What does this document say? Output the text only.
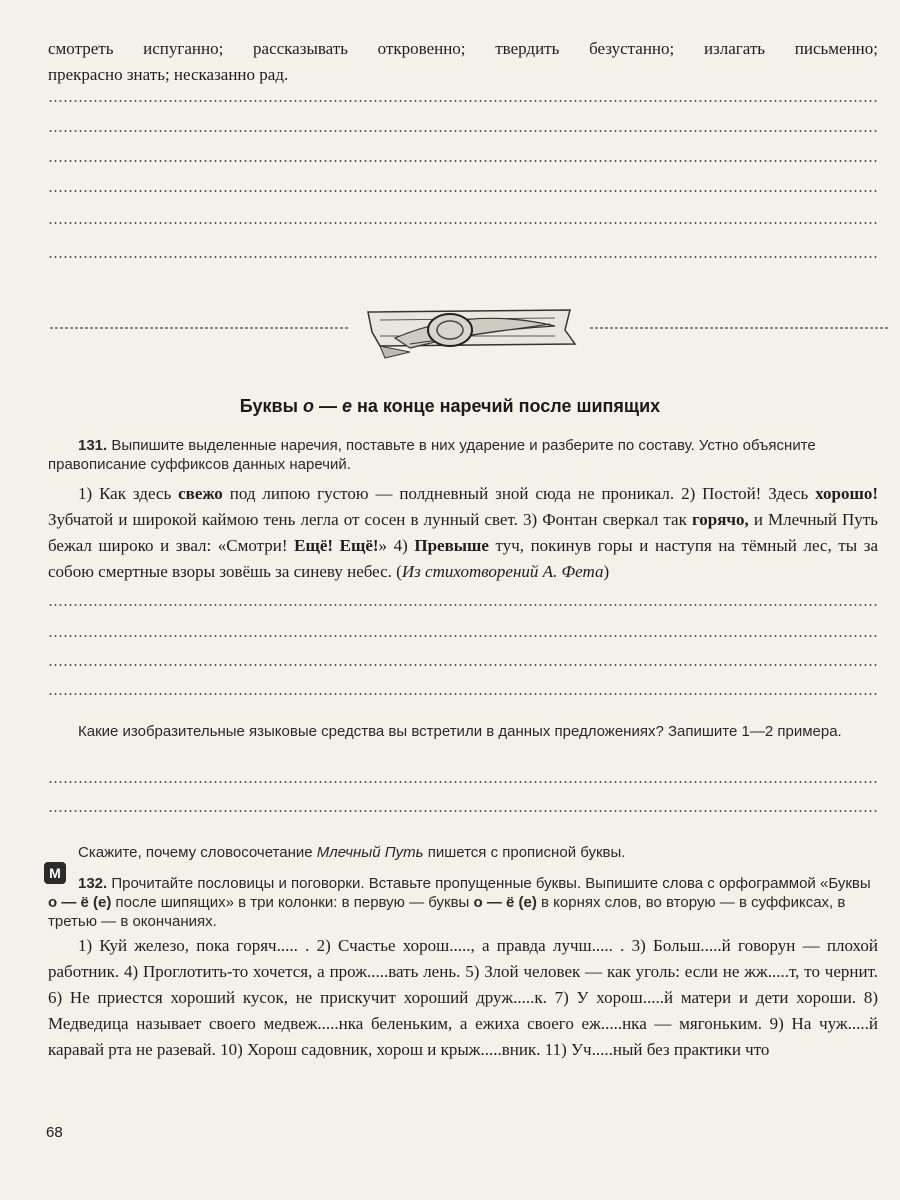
смотреть испуганно; рассказывать откровенно; твердить безустанно; излагать письменно;
прекрасно знать; несказанно рад.
Буквы о — е на конце наречий после шипящих
131. Выпишите выделенные наречия, поставьте в них ударение и разберите по составу. Устно объясните правописание суффиксов данных наречий.
1) Как здесь свежо под липою густою — полдневный зной сюда не проникал. 2) Постой! Здесь хорошо! Зубчатой и широкой каймою тень легла от сосен в лунный свет. 3) Фонтан сверкал так горячо, и Млечный Путь бежал широко и звал: «Смотри! Ещё! Ещё!» 4) Превыше туч, покинув горы и наступя на тёмный лес, ты за собою смертные взоры зовёшь за синеву небес. (Из стихотворений А. Фета)
Какие изобразительные языковые средства вы встретили в данных предложениях? Запишите 1—2 примера.
Скажите, почему словосочетание Млечный Путь пишется с прописной буквы.
М
132. Прочитайте пословицы и поговорки. Вставьте пропущенные буквы. Выпишите слова с орфограммой «Буквы о — ё (е) после шипящих» в три колонки: в первую — буквы о — ё (е) в корнях слов, во вторую — в суффиксах, в третью — в окончаниях.
1) Куй железо, пока горяч..... . 2) Счастье хорош....., а правда лучш..... . 3) Больш.....й говорун — плохой работник. 4) Проглотить-то хочется, а прож.....вать лень. 5) Злой человек — как уголь: если не жж.....т, то чернит. 6) Не приестся хороший кусок, не прискучит хороший друж.....к. 7) У хорош.....й матери и дети хороши. 8) Медведица называет своего медвеж.....нка беленьким, а ежиха своего еж.....нка — мягоньким. 9) На чуж.....й каравай рта не разевай. 10) Хорош садовник, хорош и крыж.....вник. 11) Уч.....ный без практики что
68
